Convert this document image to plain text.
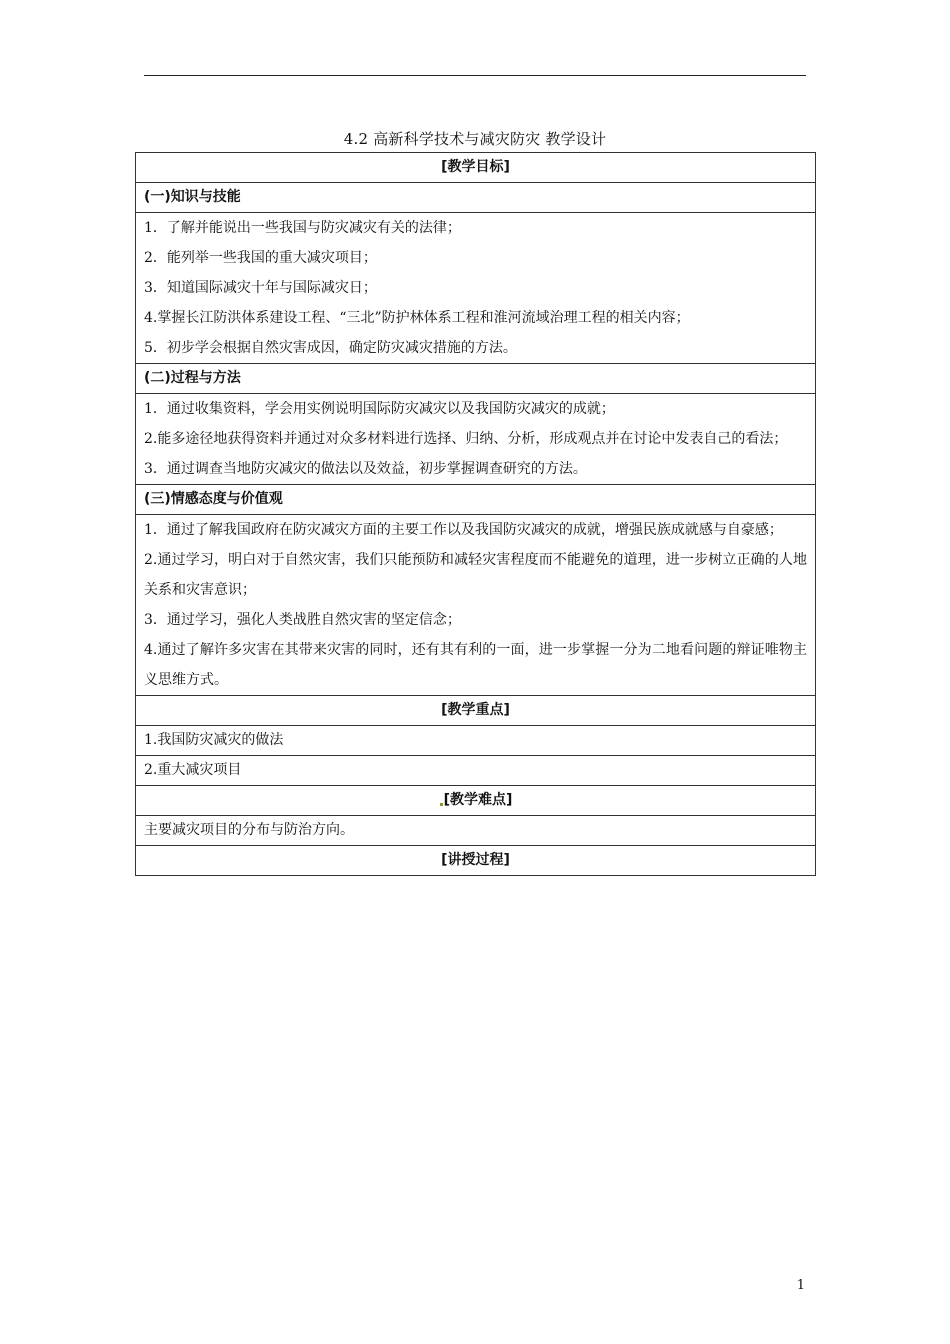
4.2 高新科学技术与减灾防灾 教学设计
[教学目标]
(一)知识与技能

1．了解并能说出一些我国与防灾减灾有关的法律；

2．能列举一些我国的重大减灾项目；

3．知道国际减灾十年与国际减灾日；

4.掌握长江防洪体系建设工程、“三北”防护林体系工程和淮河流域治理工程的相关内容；

5．初步学会根据自然灾害成因，确定防灾减灾措施的方法。

(二)过程与方法

1．通过收集资料，学会用实例说明国际防灾减灾以及我国防灾减灾的成就；

2.能多途径地获得资料并通过对众多材料进行选择、归纳、分析，形成观点并在讨论中发表自己的看法；

3．通过调查当地防灾减灾的做法以及效益，初步掌握调查研究的方法。

(三)情感态度与价值观

1．通过了解我国政府在防灾减灾方面的主要工作以及我国防灾减灾的成就，增强民族成就感与自豪感；

2.通过学习，明白对于自然灾害，我们只能预防和减轻灾害程度而不能避免的道理，进一步树立正确的人地关系和灾害意识；

3．通过学习，强化人类战胜自然灾害的坚定信念；

4.通过了解许多灾害在其带来灾害的同时，还有其有利的一面，进一步掌握一分为二地看问题的辩证唯物主义思维方式。

[教学重点]
1.我国防灾减灾的做法
2.重大减灾项目
[教学难点]
主要减灾项目的分布与防治方向。
[讲授过程]
1
